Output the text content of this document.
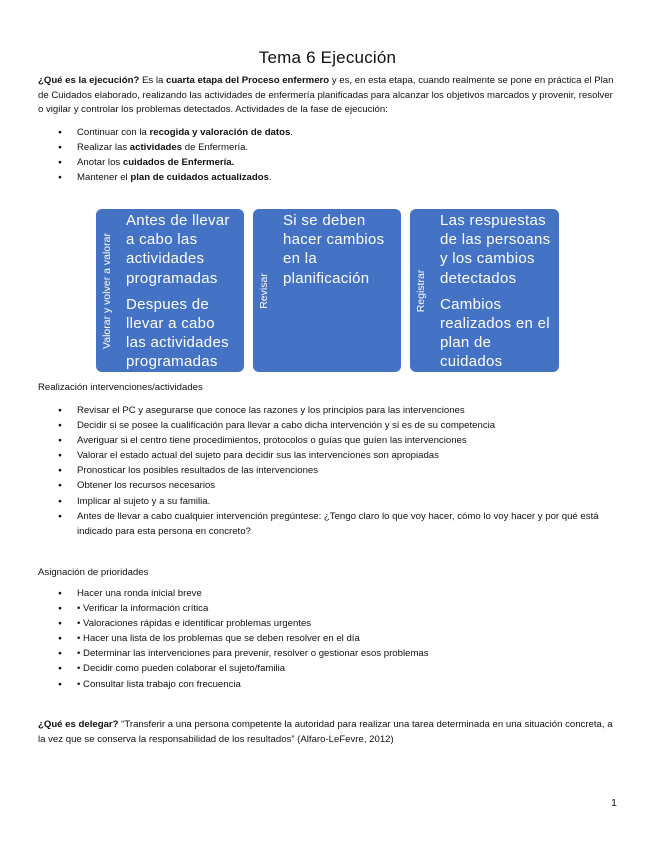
Tema 6 Ejecución
¿Qué es la ejecución? Es la cuarta etapa del Proceso enfermero y es, en esta etapa, cuando realmente se pone en práctica el Plan de Cuidados elaborado, realizando las actividades de enfermería planificadas para alcanzar los objetivos marcados y provenir, resolver o vigilar y controlar los problemas detectados. Actividades de la fase de ejecución:
● Continuar con la recogida y valoración de datos.
● Realizar las actividades de Enfermería.
● Anotar los cuidados de Enfermería.
● Mantener el plan de cuidados actualizados.
Valorar y volver a valorar
Antes de llevar a cabo las actividades programadas
Despues de llevar a cabo las actividades programadas
Revisar
Si se deben hacer cambios en la planificación	Registrar
Las respuestas de las persoans y los cambios detectados
Cambios realizados en el plan de cuidados
Realización intervenciones/actividades
● Revisar el PC y asegurarse que conoce las razones y los principios para las intervenciones
● Decidir si se posee la cualificación para llevar a cabo dicha intervención y si es de su competencia
● Averiguar si el centro tiene procedimientos, protocolos o guías que guíen las intervenciones
● Valorar el estado actual del sujeto para decidir sus las intervenciones son apropiadas
● Pronosticar los posibles resultados de las intervenciones
● Obtener los recursos necesarios
● Implicar al sujeto y a su familia.
● Antes de llevar a cabo cualquier intervención pregúntese: ¿Tengo claro lo que voy hacer, cómo lo voy hacer y por qué está indicado para esta persona en concreto?
Asignación de prioridades
● Hacer una ronda inicial breve
● • Verificar la información crítica
● • Valoraciones rápidas e identificar problemas urgentes
● • Hacer una lista de los problemas que se deben resolver en el día
● • Determinar las intervenciones para prevenir, resolver o gestionar esos problemas
● • Decidir como pueden colaborar el sujeto/familia
● • Consultar lista trabajo con frecuencia
¿Qué es delegar? “Transferir a una persona competente la autoridad para realizar una tarea determinada en una situación concreta, a la vez que se conserva la responsabilidad de los resultados” (Alfaro-LeFevre, 2012)
1
